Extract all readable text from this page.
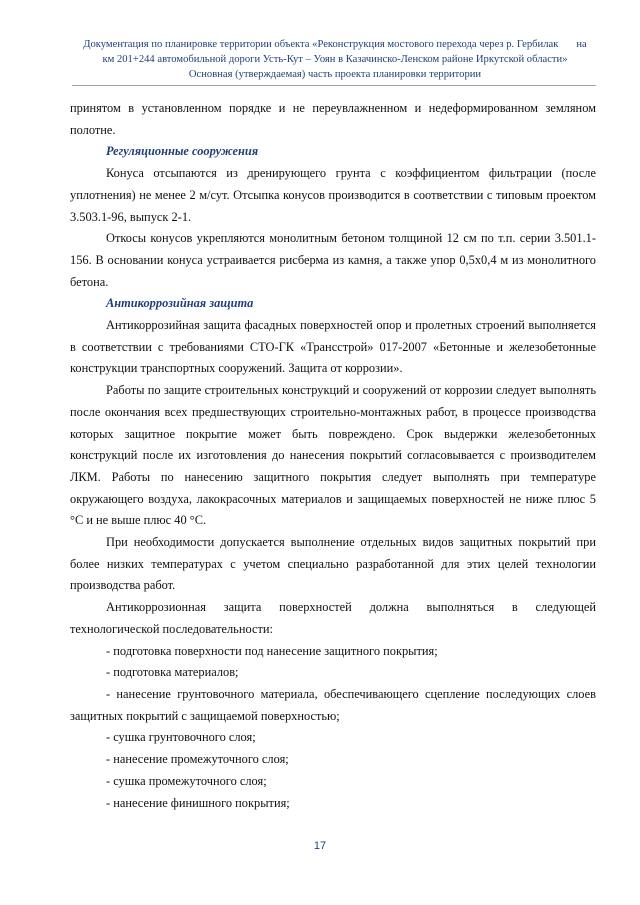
Документация по планировке территории объекта «Реконструкция мостового перехода через р. Гербилак на
км 201+244 автомобильной дороги Усть-Кут – Уоян в Казачинско-Ленском районе Иркутской области»
Основная (утверждаемая) часть проекта планировки территории

принятом в установленном порядке и не переувлажненном и недеформированном земляном полотне.

Регуляционные сооружения

Конуса отсыпаются из дренирующего грунта с коэффициентом фильтрации (после уплотнения) не менее 2 м/сут. Отсыпка конусов производится в соответствии с типовым проектом 3.503.1-96, выпуск 2-1.

Откосы конусов укрепляются монолитным бетоном толщиной 12 см по т.п. серии 3.501.1-156. В основании конуса устраивается рисберма из камня, а также упор 0,5х0,4 м из монолитного бетона.

Антикоррозийная защита

Антикоррозийная защита фасадных поверхностей опор и пролетных строений выполняется в соответствии с требованиями СТО-ГК «Трансстрой» 017-2007 «Бетонные и железобетонные конструкции транспортных сооружений. Защита от коррозии».

Работы по защите строительных конструкций и сооружений от коррозии следует выполнять после окончания всех предшествующих строительно-монтажных работ, в процессе производства которых защитное покрытие может быть повреждено. Срок выдержки железобетонных конструкций после их изготовления до нанесения покрытий согласовывается с производителем ЛКМ. Работы по нанесению защитного покрытия следует выполнять при температуре окружающего воздуха, лакокрасочных материалов и защищаемых поверхностей не ниже плюс 5 °С и не выше плюс 40 °С.

При необходимости допускается выполнение отдельных видов защитных покрытий при более низких температурах с учетом специально разработанной для этих целей технологии производства работ.

Антикоррозионная защита поверхностей должна выполняться в следующей технологической последовательности:

- подготовка поверхности под нанесение защитного покрытия;
- подготовка материалов;
- нанесение грунтовочного материала, обеспечивающего сцепление последующих слоев защитных покрытий с защищаемой поверхностью;
- сушка грунтовочного слоя;
- нанесение промежуточного слоя;
- сушка промежуточного слоя;
- нанесение финишного покрытия;
17
